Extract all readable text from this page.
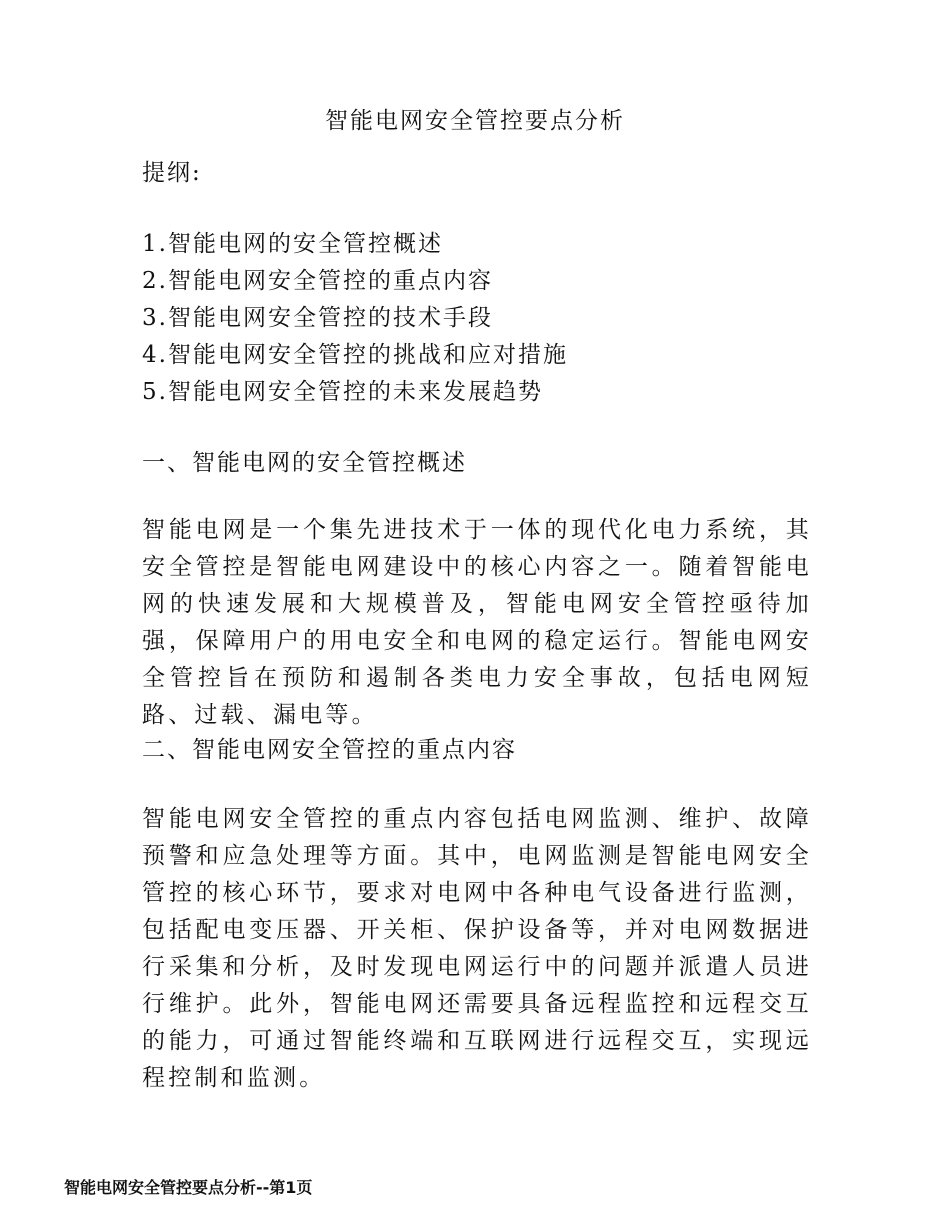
智能电网安全管控要点分析
提纲:
1.智能电网的安全管控概述
2.智能电网安全管控的重点内容
3.智能电网安全管控的技术手段
4.智能电网安全管控的挑战和应对措施
5.智能电网安全管控的未来发展趋势
一、智能电网的安全管控概述

智能电网是一个集先进技术于一体的现代化电力系统，其安全管控是智能电网建设中的核心内容之一。随着智能电网的快速发展和大规模普及，智能电网安全管控亟待加强，保障用户的用电安全和电网的稳定运行。智能电网安全管控旨在预防和遏制各类电力安全事故，包括电网短路、过载、漏电等。

二、智能电网安全管控的重点内容

智能电网安全管控的重点内容包括电网监测、维护、故障预警和应急处理等方面。其中，电网监测是智能电网安全管控的核心环节，要求对电网中各种电气设备进行监测，包括配电变压器、开关柜、保护设备等，并对电网数据进行采集和分析，及时发现电网运行中的问题并派遣人员进行维护。此外，智能电网还需要具备远程监控和远程交互的能力，可通过智能终端和互联网进行远程交互，实现远程控制和监测。

智能电网安全管控要点分析--第1页
